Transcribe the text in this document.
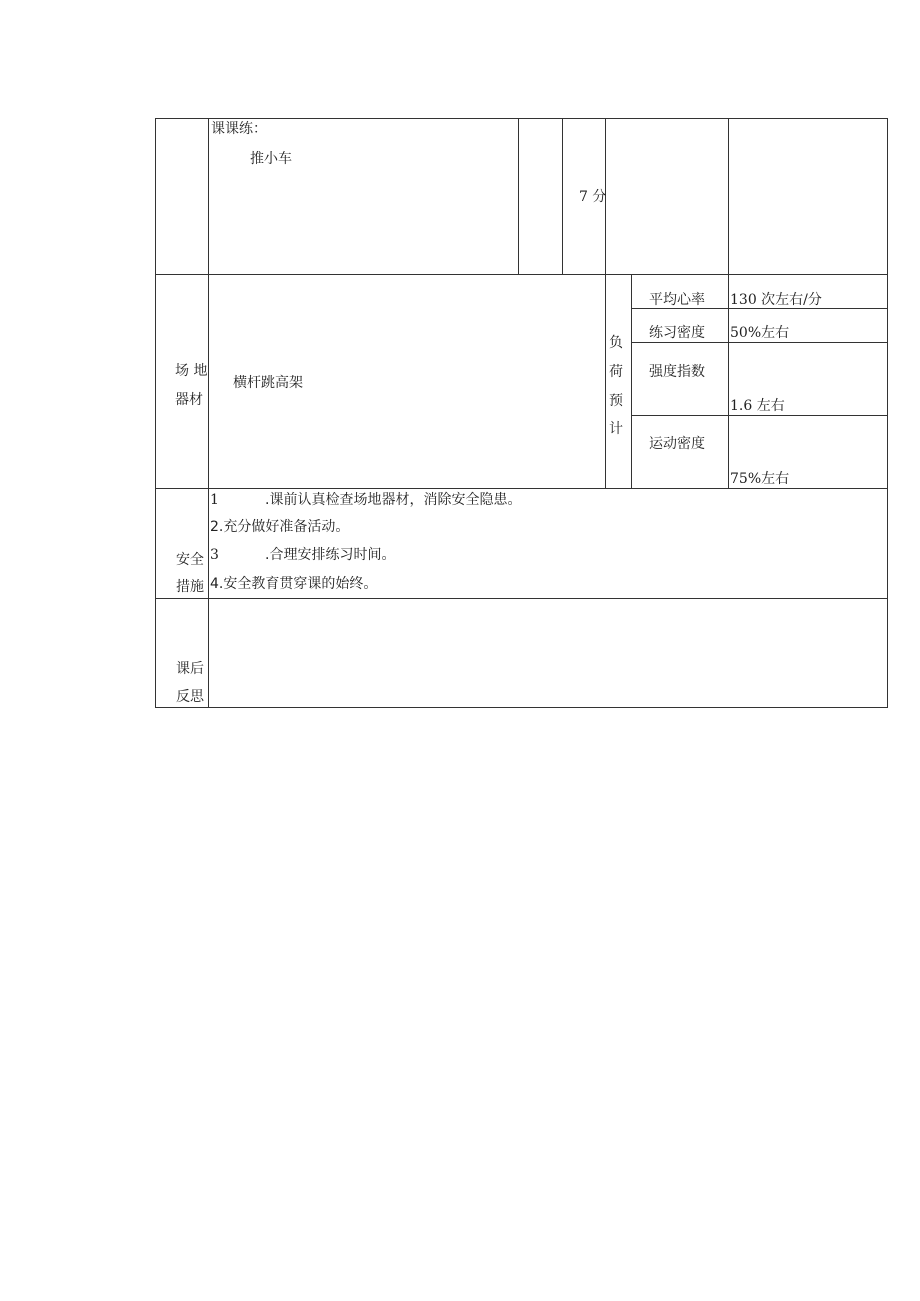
课课练：
推小车
7 分
场 地
器材
横杆跳高架
负
荷
预
计
平均心率 130 次左右/分
练习密度 50%左右
强度指数
1.6 左右
运动密度
75%左右
安全
措施
1	.课前认真检查场地器材，消除安全隐患。
2.充分做好准备活动。
3	.合理安排练习时间。
4.安全教育贯穿课的始终。
课后
反思
